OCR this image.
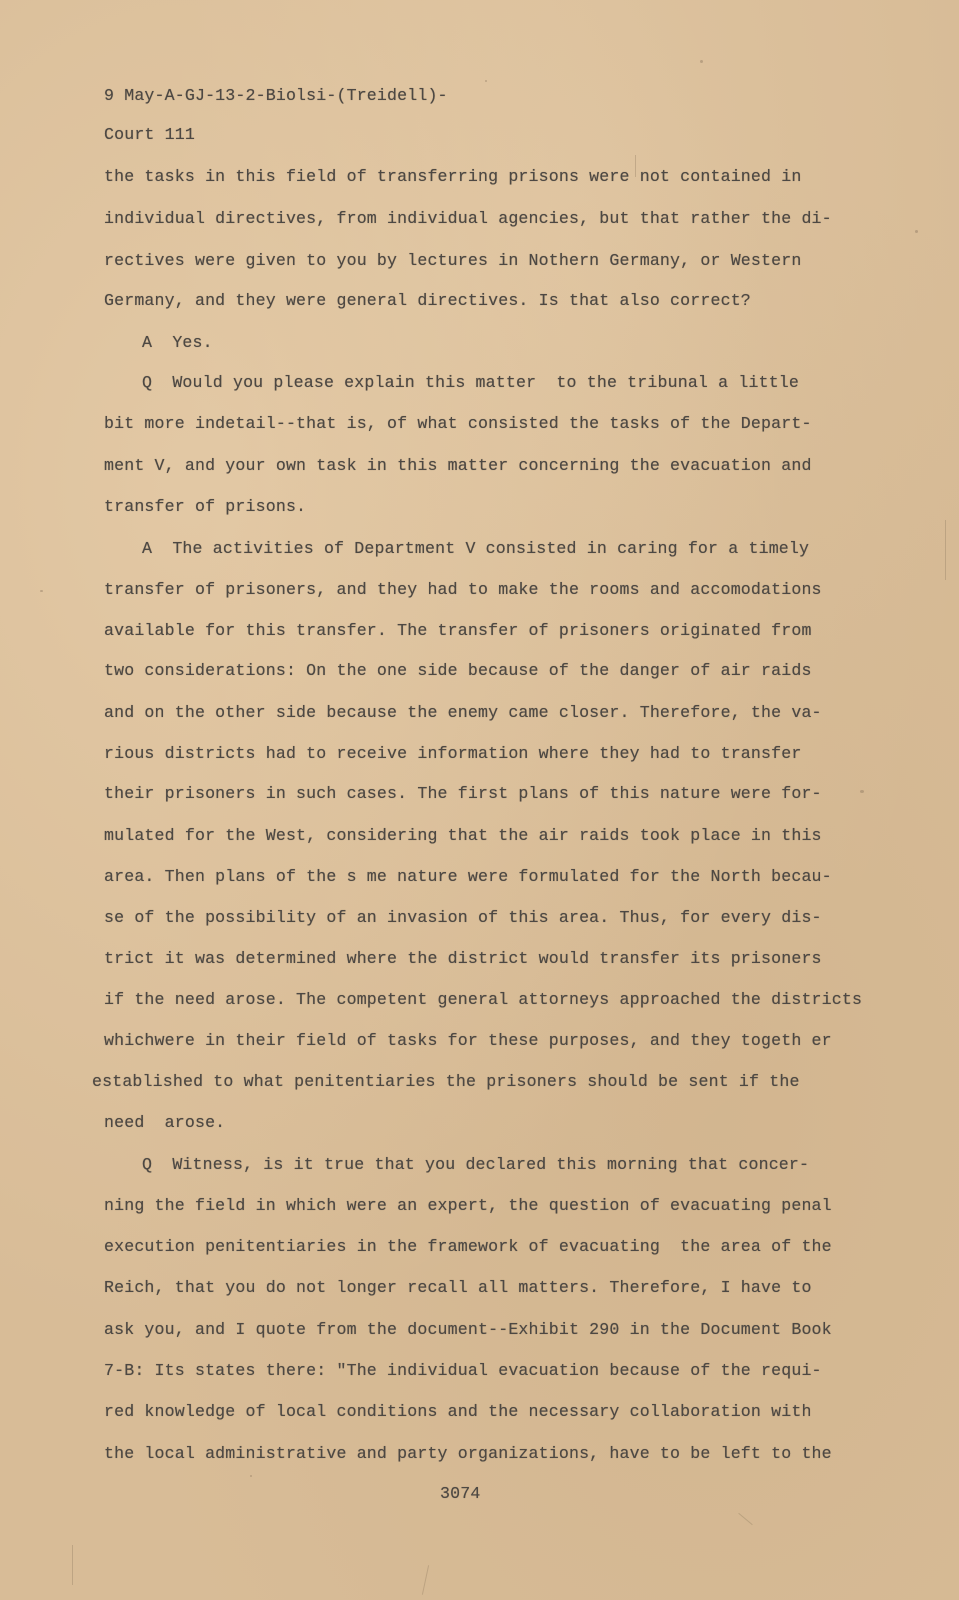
9 May-A-GJ-13-2-Biolsi-(Treidell)-
Court 111
the tasks in this field of transferring prisons were not contained in
individual directives, from individual agencies, but that rather the di-
rectives were given to you by lectures in Nothern Germany, or Western
Germany, and they were general directives. Is that also correct?
A  Yes.
Q  Would you please explain this matter  to the tribunal a little
bit more indetail--that is, of what consisted the tasks of the Depart-
ment V, and your own task in this matter concerning the evacuation and
transfer of prisons.
A  The activities of Department V consisted in caring for a timely
transfer of prisoners, and they had to make the rooms and accomodations
available for this transfer. The transfer of prisoners originated from
two considerations: On the one side because of the danger of air raids
and on the other side because the enemy came closer. Therefore, the va-
rious districts had to receive information where they had to transfer
their prisoners in such cases. The first plans of this nature were for-
mulated for the West, considering that the air raids took place in this
area. Then plans of the s me nature were formulated for the North becau-
se of the possibility of an invasion of this area. Thus, for every dis-
trict it was determined where the district would transfer its prisoners
if the need arose. The competent general attorneys approached the districts
whichwere in their field of tasks for these purposes, and they togeth er
established to what penitentiaries the prisoners should be sent if the
need  arose.
Q  Witness, is it true that you declared this morning that concer-
ning the field in which were an expert, the question of evacuating penal
execution penitentiaries in the framework of evacuating  the area of the
Reich, that you do not longer recall all matters. Therefore, I have to
ask you, and I quote from the document--Exhibit 290 in the Document Book
7-B: Its states there: "The individual evacuation because of the requi-
red knowledge of local conditions and the necessary collaboration with
the local administrative and party organizations, have to be left to the
3074
